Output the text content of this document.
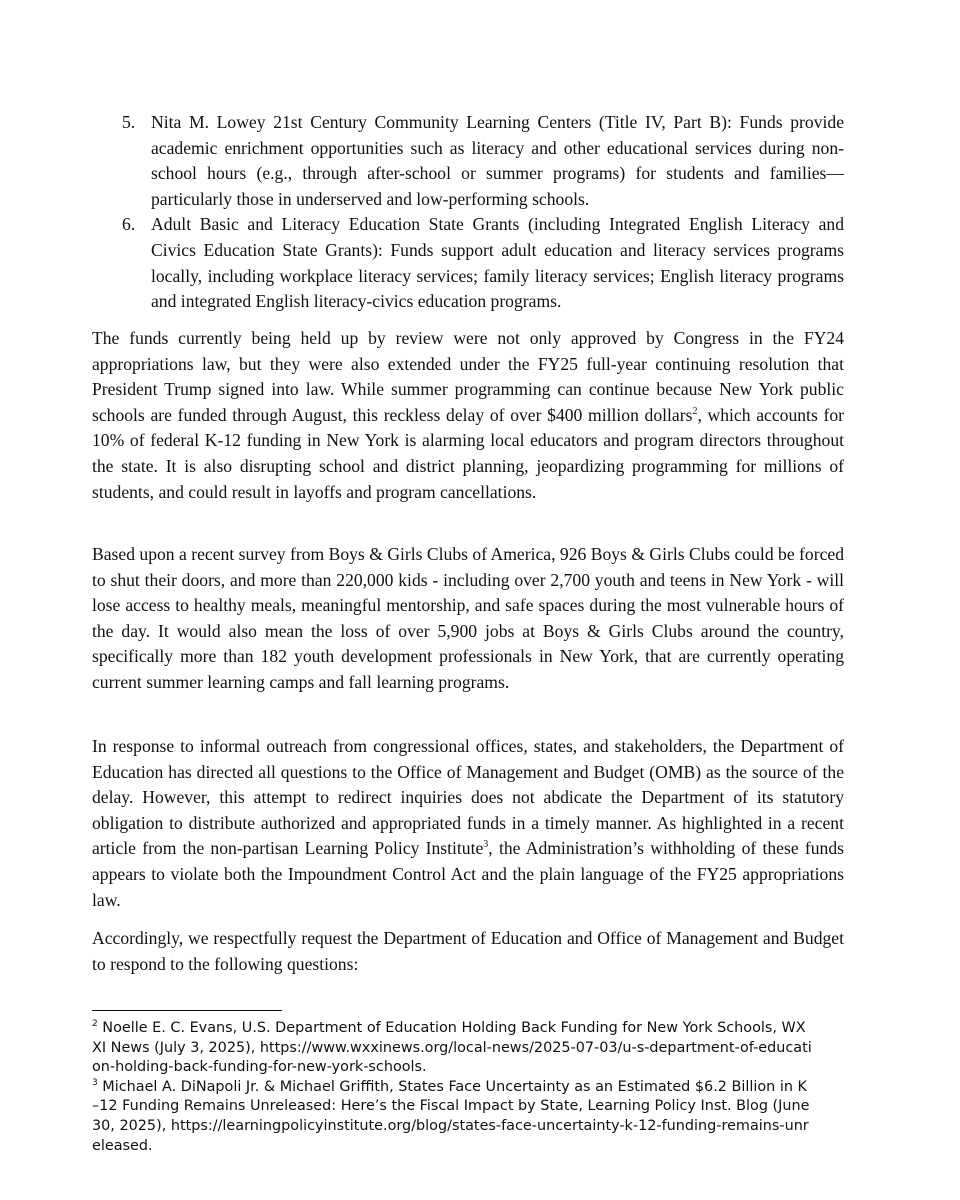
5. Nita M. Lowey 21st Century Community Learning Centers (Title IV, Part B): Funds provide academic enrichment opportunities such as literacy and other educational services during non-school hours (e.g., through after-school or summer programs) for students and families—particularly those in underserved and low-performing schools.
6. Adult Basic and Literacy Education State Grants (including Integrated English Literacy and Civics Education State Grants): Funds support adult education and literacy services programs locally, including workplace literacy services; family literacy services; English literacy programs and integrated English literacy-civics education programs.

The funds currently being held up by review were not only approved by Congress in the FY24 appropriations law, but they were also extended under the FY25 full-year continuing resolution that President Trump signed into law. While summer programming can continue because New York public schools are funded through August, this reckless delay of over $400 million dollars$^2$, which accounts for 10% of federal K-12 funding in New York is alarming local educators and program directors throughout the state. It is also disrupting school and district planning, jeopardizing programming for millions of students, and could result in layoffs and program cancellations.

Based upon a recent survey from Boys & Girls Clubs of America, 926 Boys & Girls Clubs could be forced to shut their doors, and more than 220,000 kids - including over 2,700 youth and teens in New York - will lose access to healthy meals, meaningful mentorship, and safe spaces during the most vulnerable hours of the day. It would also mean the loss of over 5,900 jobs at Boys & Girls Clubs around the country, specifically more than 182 youth development professionals in New York, that are currently operating current summer learning camps and fall learning programs.

In response to informal outreach from congressional offices, states, and stakeholders, the Department of Education has directed all questions to the Office of Management and Budget (OMB) as the source of the delay. However, this attempt to redirect inquiries does not abdicate the Department of its statutory obligation to distribute authorized and appropriated funds in a timely manner. As highlighted in a recent article from the non-partisan Learning Policy Institute$^3$, the Administration’s withholding of these funds appears to violate both the Impoundment Control Act and the plain language of the FY25 appropriations law.

Accordingly, we respectfully request the Department of Education and Office of Management and Budget to respond to the following questions:

$^2$ Noelle E. C. Evans, U.S. Department of Education Holding Back Funding for New York Schools, WXXI News (July 3, 2025), https://www.wxxinews.org/local-news/2025-07-03/u-s-department-of-education-holding-back-funding-for-new-york-schools.

$^3$ Michael A. DiNapoli Jr. & Michael Griffith, States Face Uncertainty as an Estimated $6.2 Billion in K–12 Funding Remains Unreleased: Here’s the Fiscal Impact by State, Learning Policy Inst. Blog (June 30, 2025), https://learningpolicyinstitute.org/blog/states-face-uncertainty-k-12-funding-remains-unreleased.
